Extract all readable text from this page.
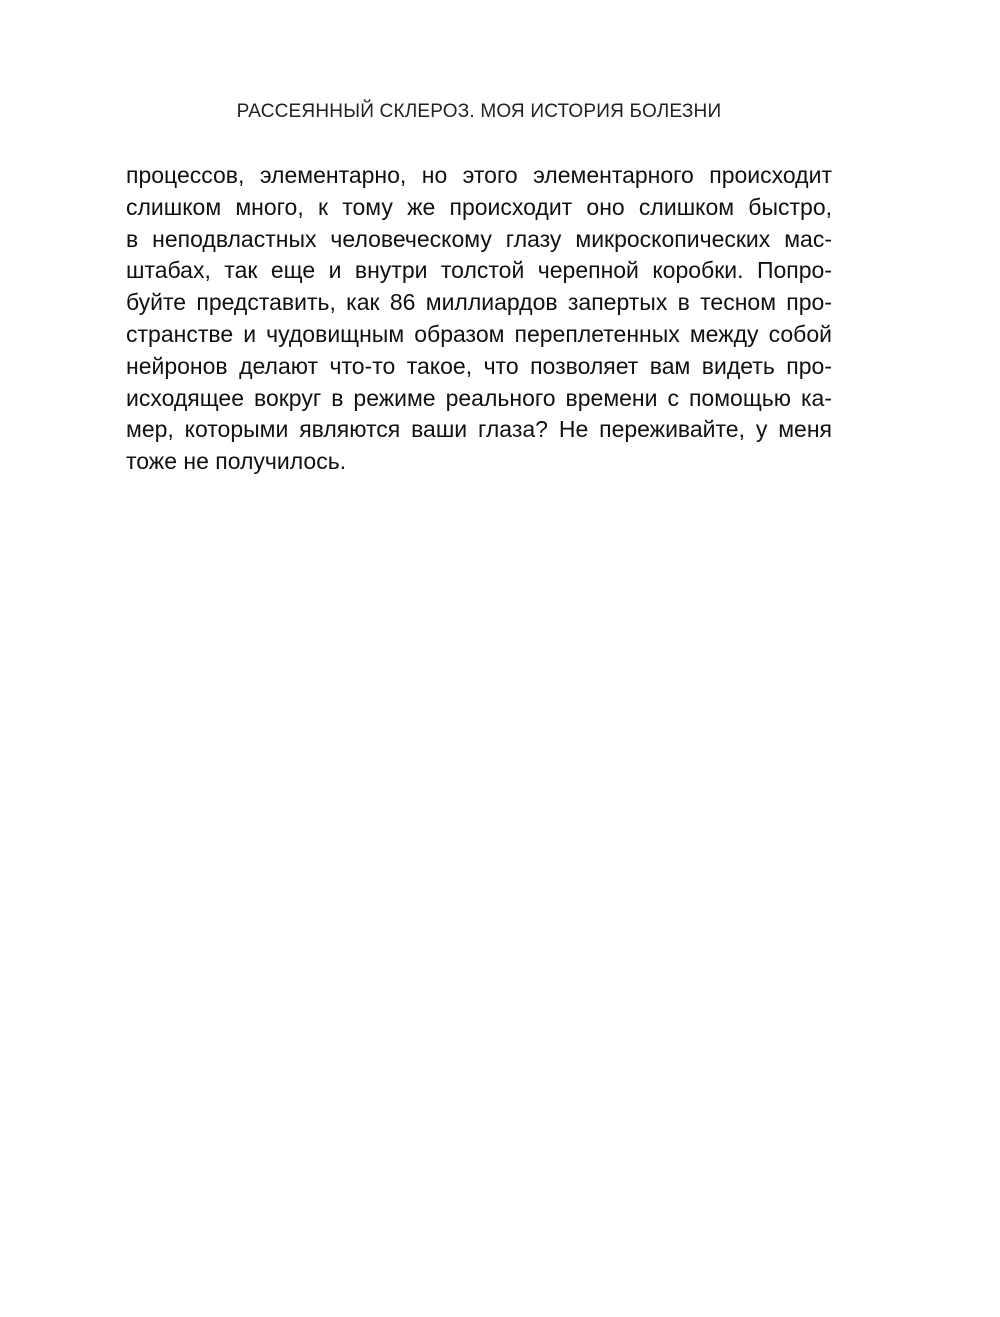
РАССЕЯННЫЙ СКЛЕРОЗ. МОЯ ИСТОРИЯ БОЛЕЗНИ
процессов, элементарно, но этого элементарного происходит
слишком много, к тому же происходит оно слишком быстро,
в неподвластных человеческому глазу микроскопических мас-
штабах, так еще и внутри толстой черепной коробки. Попро-
буйте представить, как 86 миллиардов запертых в тесном про-
странстве и чудовищным образом переплетенных между собой
нейронов делают что-то такое, что позволяет вам видеть про-
исходящее вокруг в режиме реального времени с помощью ка-
мер, которыми являются ваши глаза? Не переживайте, у меня
тоже не получилось.
